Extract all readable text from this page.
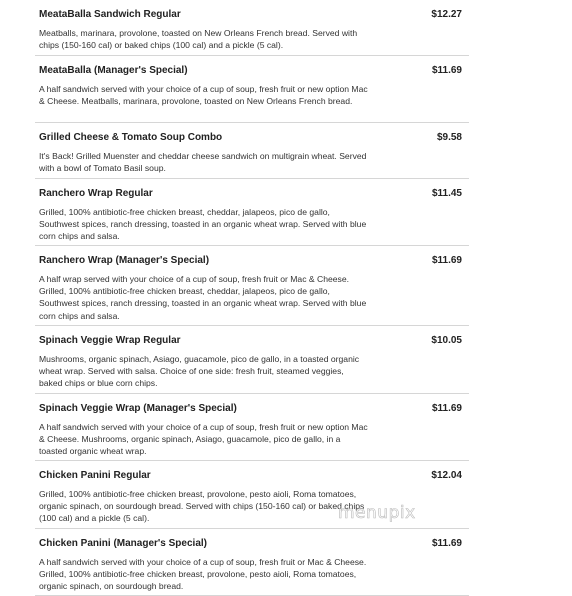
MeataBalla Sandwich Regular	$12.27
Meatballs, marinara, provolone, toasted on New Orleans French bread. Served with chips (150-160 cal) or baked chips (100 cal) and a pickle (5 cal).
MeataBalla (Manager's Special)	$11.69
A half sandwich served with your choice of a cup of soup, fresh fruit or new option Mac & Cheese. Meatballs, marinara, provolone, toasted on New Orleans French bread.
Grilled Cheese & Tomato Soup Combo	$9.58
It's Back! Grilled Muenster and cheddar cheese sandwich on multigrain wheat. Served with a bowl of Tomato Basil soup.
Ranchero Wrap Regular	$11.45
Grilled, 100% antibiotic-free chicken breast, cheddar, jalapeos, pico de gallo, Southwest spices, ranch dressing, toasted in an organic wheat wrap. Served with blue corn chips and salsa.
Ranchero Wrap (Manager's Special)	$11.69
A half wrap served with your choice of a cup of soup, fresh fruit or Mac & Cheese. Grilled, 100% antibiotic-free chicken breast, cheddar, jalapeos, pico de gallo, Southwest spices, ranch dressing, toasted in an organic wheat wrap. Served with blue corn chips and salsa.
Spinach Veggie Wrap Regular	$10.05
Mushrooms, organic spinach, Asiago, guacamole, pico de gallo, in a toasted organic wheat wrap. Served with salsa. Choice of one side: fresh fruit, steamed veggies, baked chips or blue corn chips.
Spinach Veggie Wrap (Manager's Special)	$11.69
A half sandwich served with your choice of a cup of soup, fresh fruit or new option Mac & Cheese. Mushrooms, organic spinach, Asiago, guacamole, pico de gallo, in a toasted organic wheat wrap.
Chicken Panini Regular	$12.04
Grilled, 100% antibiotic-free chicken breast, provolone, pesto aioli, Roma tomatoes, organic spinach, on sourdough bread. Served with chips (150-160 cal) or baked chips (100 cal) and a pickle (5 cal).
Chicken Panini (Manager's Special)	$11.69
A half sandwich served with your choice of a cup of soup, fresh fruit or Mac & Cheese. Grilled, 100% antibiotic-free chicken breast, provolone, pesto aioli, Roma tomatoes, organic spinach, on sourdough bread.
menupix
